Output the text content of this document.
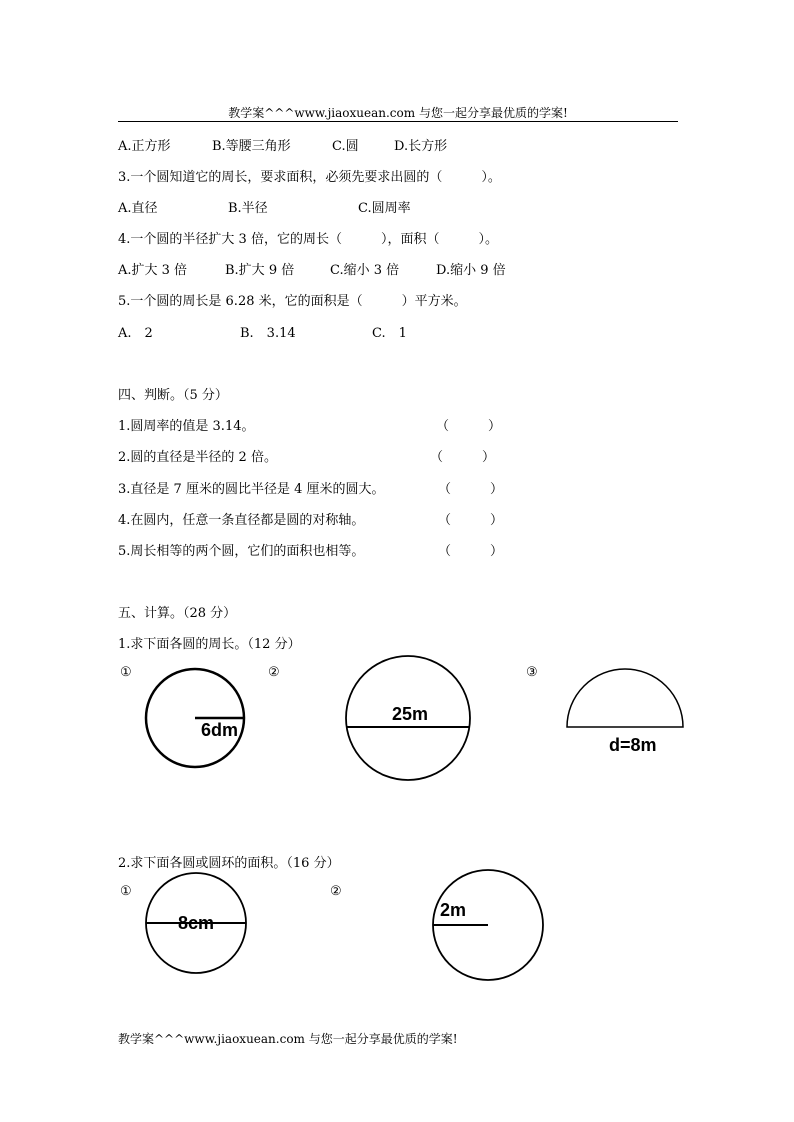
教学案^^^www.jiaoxuean.com 与您一起分享最优质的学案!
A.正方形	B.等腰三角形	C.圆	D.长方形
3.一个圆知道它的周长，要求面积，必须先要求出圆的（　　　）。
A.直径	B.半径	C.圆周率
4.一个圆的半径扩大 3 倍，它的周长（　　　），面积（　　　）。
A.扩大 3 倍	B.扩大 9 倍	C.缩小 3 倍	D.缩小 9 倍
5.一个圆的周长是 6.28 米，它的面积是（　　　）平方米。
A.　2	B.　3.14	C.　1
四、判断。（5 分）
1.圆周率的值是 3.14。	（　　　）
2.圆的直径是半径的 2 倍。	（　　　）
3.直径是 7 厘米的圆比半径是 4 厘米的圆大。	（　　　）
4.在圆内，任意一条直径都是圆的对称轴。	（　　　）
5.周长相等的两个圆，它们的面积也相等。	（　　　）
五、计算。（28 分）
1.求下面各圆的周长。（12 分）
①	②	③
6dm
25m
d=8m
2.求下面各圆或圆环的面积。（16 分）
①	②
8cm
2m
教学案^^^www.jiaoxuean.com 与您一起分享最优质的学案!
